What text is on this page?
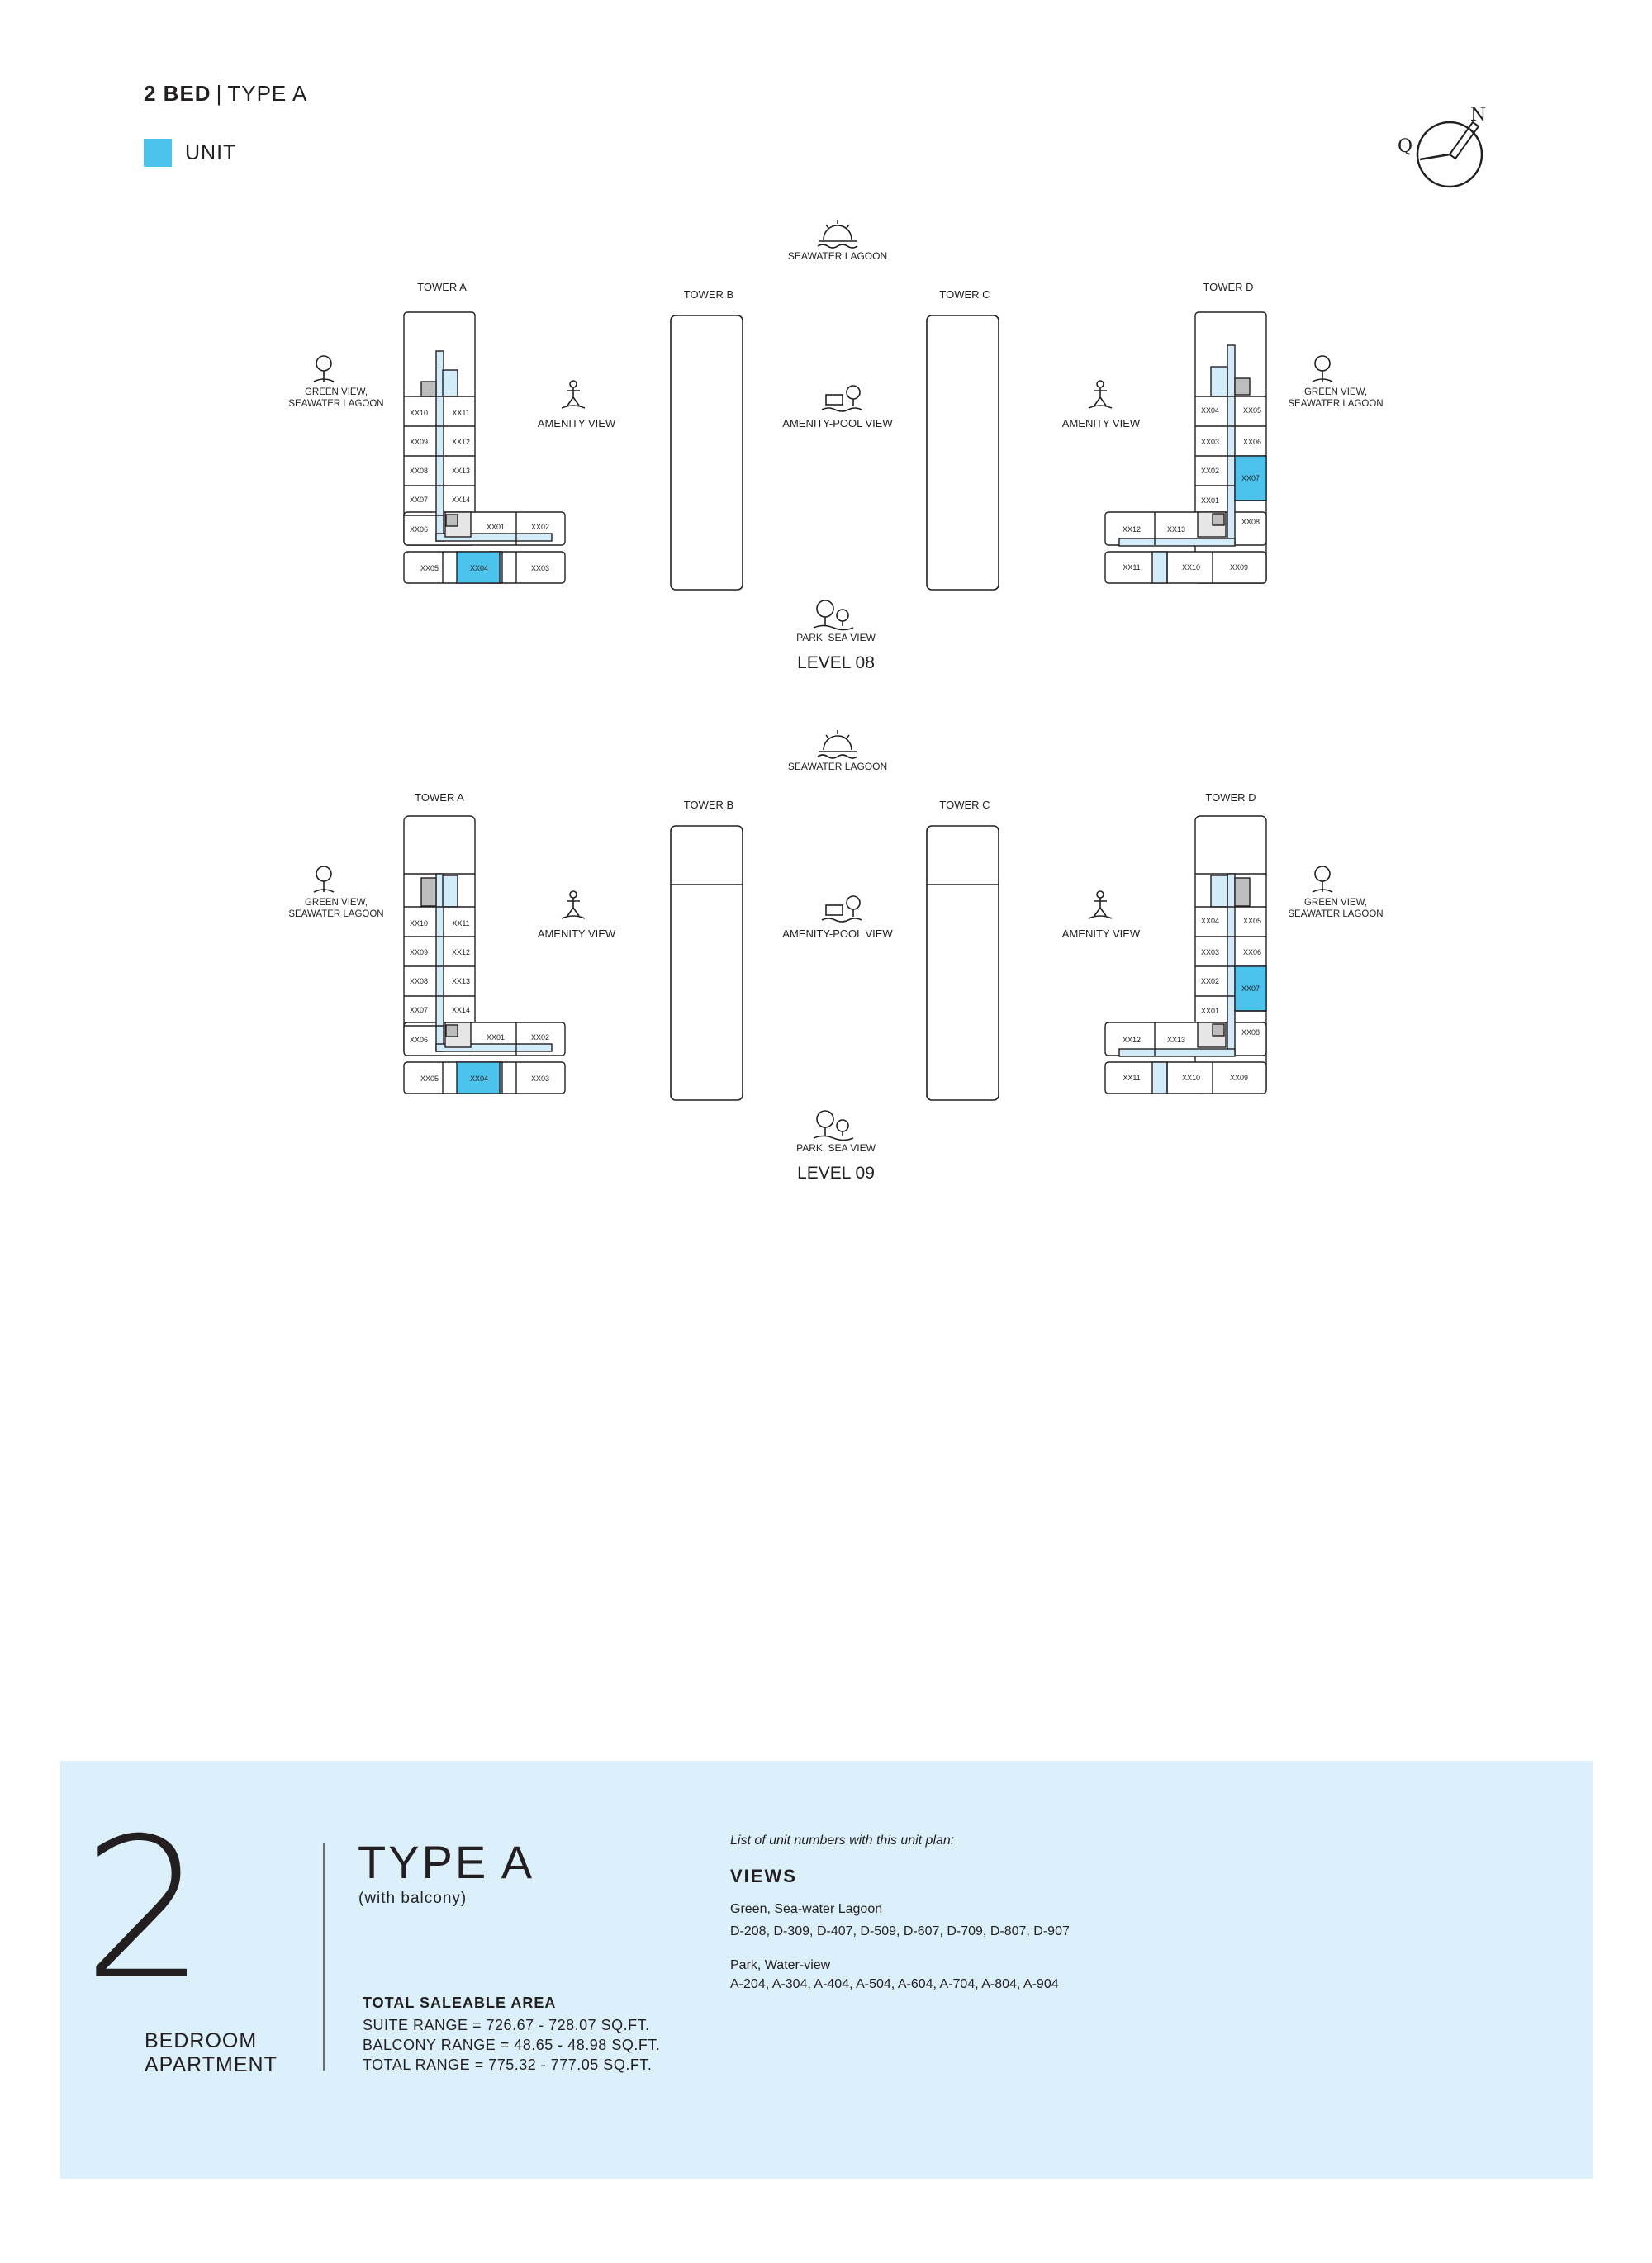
2 BED | TYPE A
UNIT
N
Q
SEAWATER LAGOON
TOWER A
TOWER B	TOWER C
TOWER D
GREEN VIEW,
SEAWATER LAGOON
GREEN VIEW,
SEAWATER LAGOON
AMENITY VIEW	AMENITY-POOL VIEW	AMENITY VIEW
PARK, SEA VIEW
LEVEL 08
XX10	XX11
XX09	XX12
XX08	XX13
XX07	XX14
XX06	XX01	XX02
XX05	XX04	XX03
XX04	XX05
XX03	XX06
XX02
XX07
XX01
XX08
XX12	XX13
XX11	XX10	XX09
SEAWATER LAGOON
TOWER A
TOWER B	TOWER C
TOWER D
GREEN VIEW,
SEAWATER LAGOON
GREEN VIEW,
SEAWATER LAGOON
AMENITY VIEW	AMENITY-POOL VIEW	AMENITY VIEW
PARK, SEA VIEW
LEVEL 09
XX10	XX11
XX09	XX12
XX08	XX13
XX07	XX14
XX06	XX01	XX02
XX05	XX04	XX03
XX04	XX05
XX03	XX06
XX02
XX07
XX01
XX08
XX12	XX13
XX11	XX10	XX09
2
BEDROOM
APARTMENT
TYPE A
(with balcony)
TOTAL SALEABLE AREA
SUITE RANGE = 726.67 - 728.07 SQ.FT.
BALCONY RANGE = 48.65 - 48.98 SQ.FT.
TOTAL RANGE = 775.32 - 777.05 SQ.FT.
List of unit numbers with this unit plan:
VIEWS
Green, Sea-water Lagoon
D-208, D-309, D-407, D-509, D-607, D-709, D-807, D-907
Park, Water-view
A-204, A-304, A-404, A-504, A-604, A-704, A-804, A-904
